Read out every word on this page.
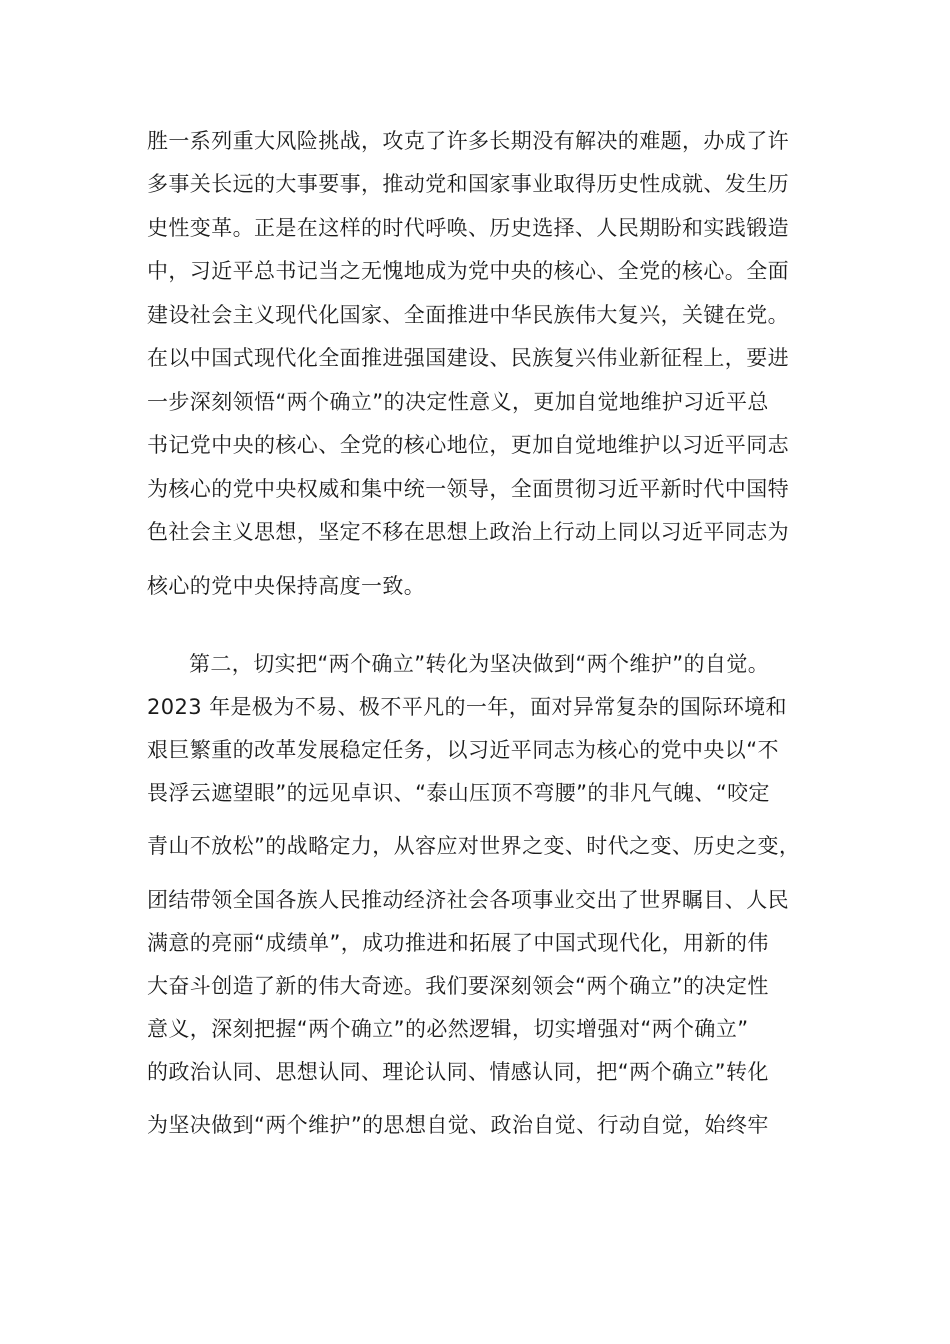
胜一系列重大风险挑战，攻克了许多长期没有解决的难题，办成了许
多事关长远的大事要事，推动党和国家事业取得历史性成就、发生历
史性变革。正是在这样的时代呼唤、历史选择、人民期盼和实践锻造
中，习近平总书记当之无愧地成为党中央的核心、全党的核心。全面
建设社会主义现代化国家、全面推进中华民族伟大复兴，关键在党。
在以中国式现代化全面推进强国建设、民族复兴伟业新征程上，要进
一步深刻领悟“两个确立”的决定性意义，更加自觉地维护习近平总
书记党中央的核心、全党的核心地位，更加自觉地维护以习近平同志
为核心的党中央权威和集中统一领导，全面贯彻习近平新时代中国特
色社会主义思想，坚定不移在思想上政治上行动上同以习近平同志为
核心的党中央保持高度一致。
第二，切实把“两个确立”转化为坚决做到“两个维护”的自觉。
2023 年是极为不易、极不平凡的一年，面对异常复杂的国际环境和
艰巨繁重的改革发展稳定任务，以习近平同志为核心的党中央以“不
畏浮云遮望眼”的远见卓识、“泰山压顶不弯腰”的非凡气魄、“咬定
青山不放松”的战略定力，从容应对世界之变、时代之变、历史之变，
团结带领全国各族人民推动经济社会各项事业交出了世界瞩目、人民
满意的亮丽“成绩单”，成功推进和拓展了中国式现代化，用新的伟
大奋斗创造了新的伟大奇迹。我们要深刻领会“两个确立”的决定性
意义，深刻把握“两个确立”的必然逻辑，切实增强对“两个确立”
的政治认同、思想认同、理论认同、情感认同，把“两个确立”转化
为坚决做到“两个维护”的思想自觉、政治自觉、行动自觉，始终牢
